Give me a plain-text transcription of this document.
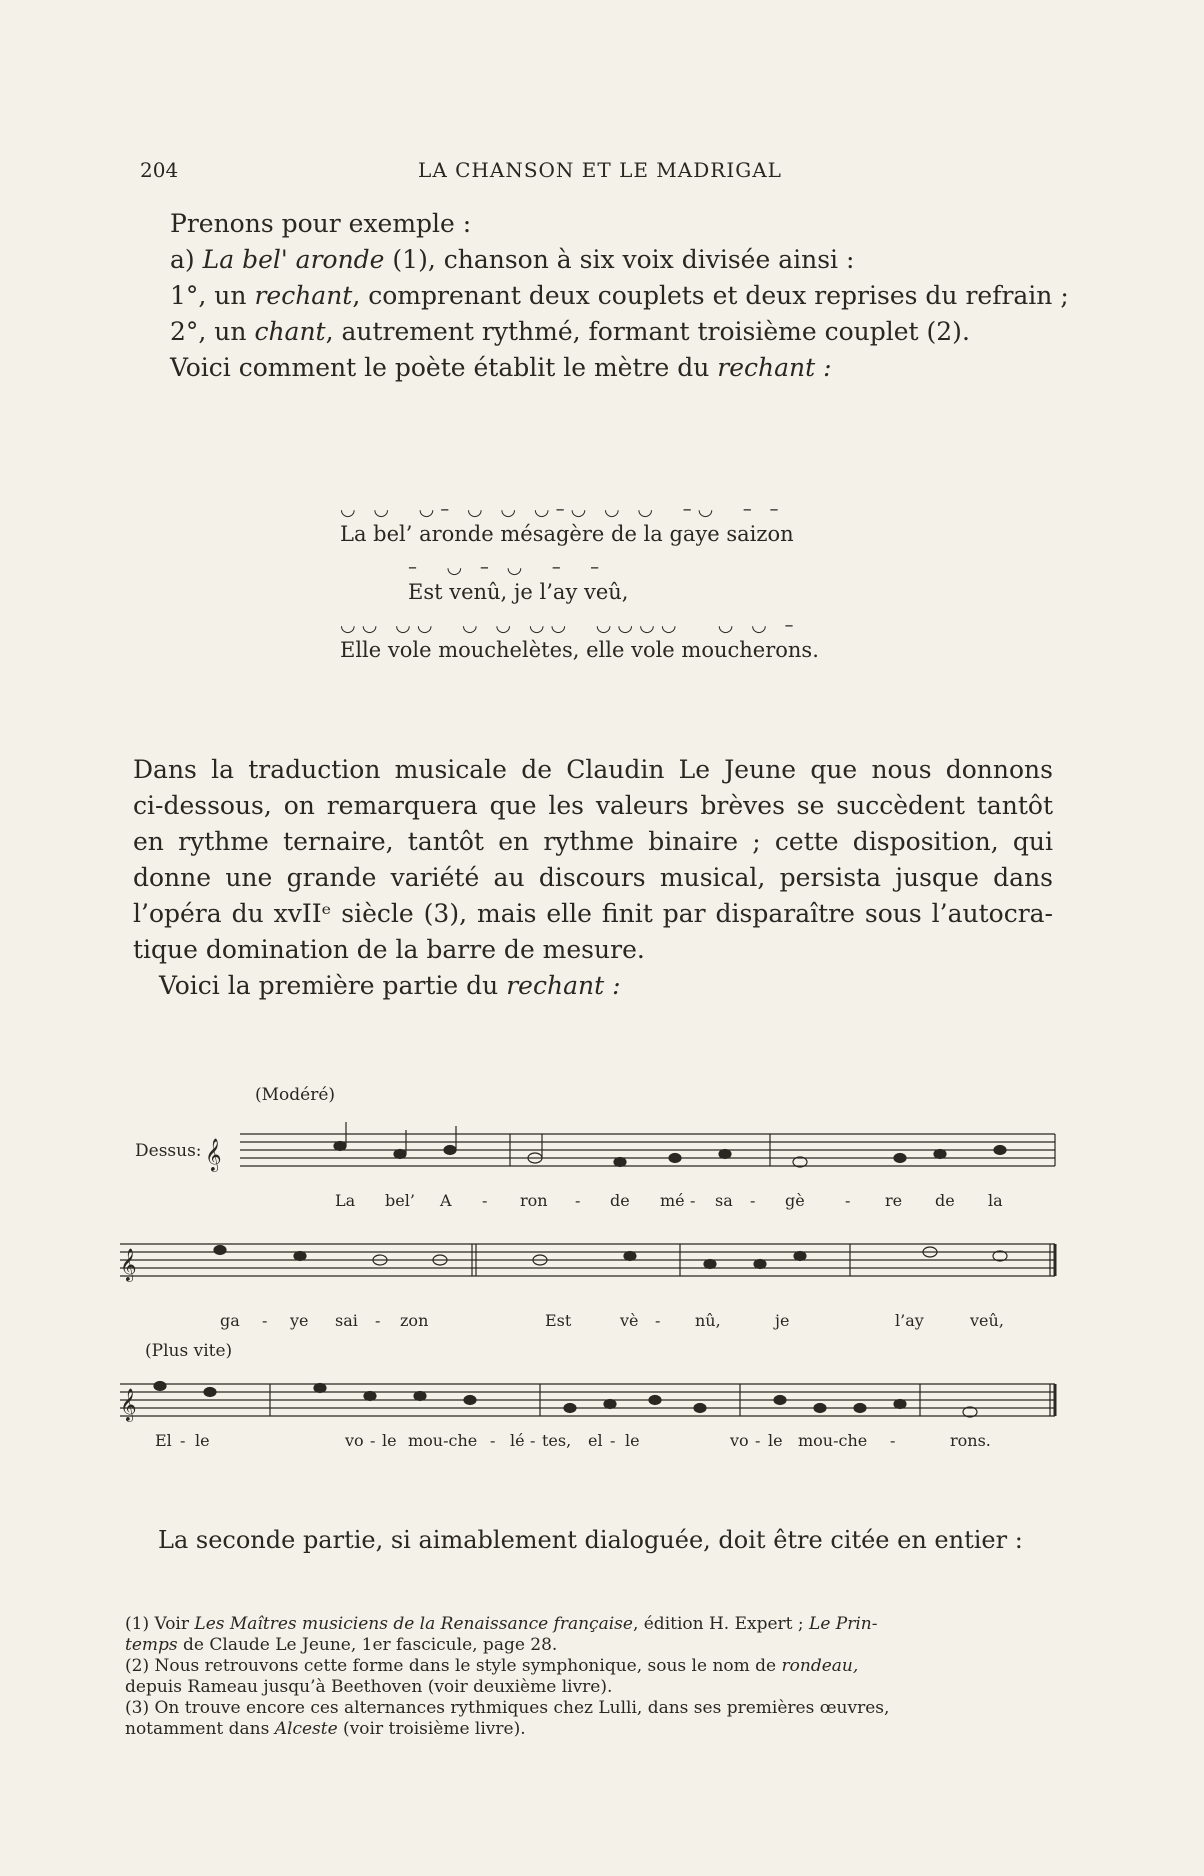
204	LA CHANSON ET LE MADRIGAL
Prenons pour exemple :
a) La bel' aronde (1), chanson à six voix divisée ainsi :
1°, un rechant, comprenant deux couplets et deux reprises du refrain ;
2°, un chant, autrement rythmé, formant troisième couplet (2).
Voici comment le poète établit le mètre du rechant :
◡ ◡  ◡– ◡ ◡ ◡–◡ ◡ ◡  –◡  – –
La bel’ aronde mésagère de la gaye saizon
–  ◡ – ◡  –  –
Est venû, je l’ay veû,
◡◡ ◡◡  ◡ ◡ ◡◡  ◡◡◡◡   ◡ ◡ –
Elle vole mouchelètes, elle vole moucherons.
Dans la traduction musicale de Claudin Le Jeune que nous donnons
ci-dessous, on remarquera que les valeurs brèves se succèdent tantôt
en rythme ternaire, tantôt en rythme binaire ; cette disposition, qui
donne une grande variété au discours musical, persista jusque dans
l’opéra du xvIIᵉ siècle (3), mais elle finit par disparaître sous l’autocra-
tique domination de la barre de mesure.
Voici la première partie du rechant :
(Modéré)
Dessus:
(Plus vite)
𝄞
𝄞
𝄞
La bel’ A - ron - de mé - sa - gè	- re de la
ga - ye sai - zon	Est	vè - nû,	je	l’ay	veû,
El - le	vo - le mou-che - lé - tes, el - le	vo - le mou-che -	rons.
La seconde partie, si aimablement dialoguée, doit être citée en entier :
(1) Voir Les Maîtres musiciens de la Renaissance française, édition H. Expert ; Le Prin-
temps de Claude Le Jeune, 1er fascicule, page 28.
(2) Nous retrouvons cette forme dans le style symphonique, sous le nom de rondeau,
depuis Rameau jusqu’à Beethoven (voir deuxième livre).
(3) On trouve encore ces alternances rythmiques chez Lulli, dans ses premières œuvres,
notamment dans Alceste (voir troisième livre).
